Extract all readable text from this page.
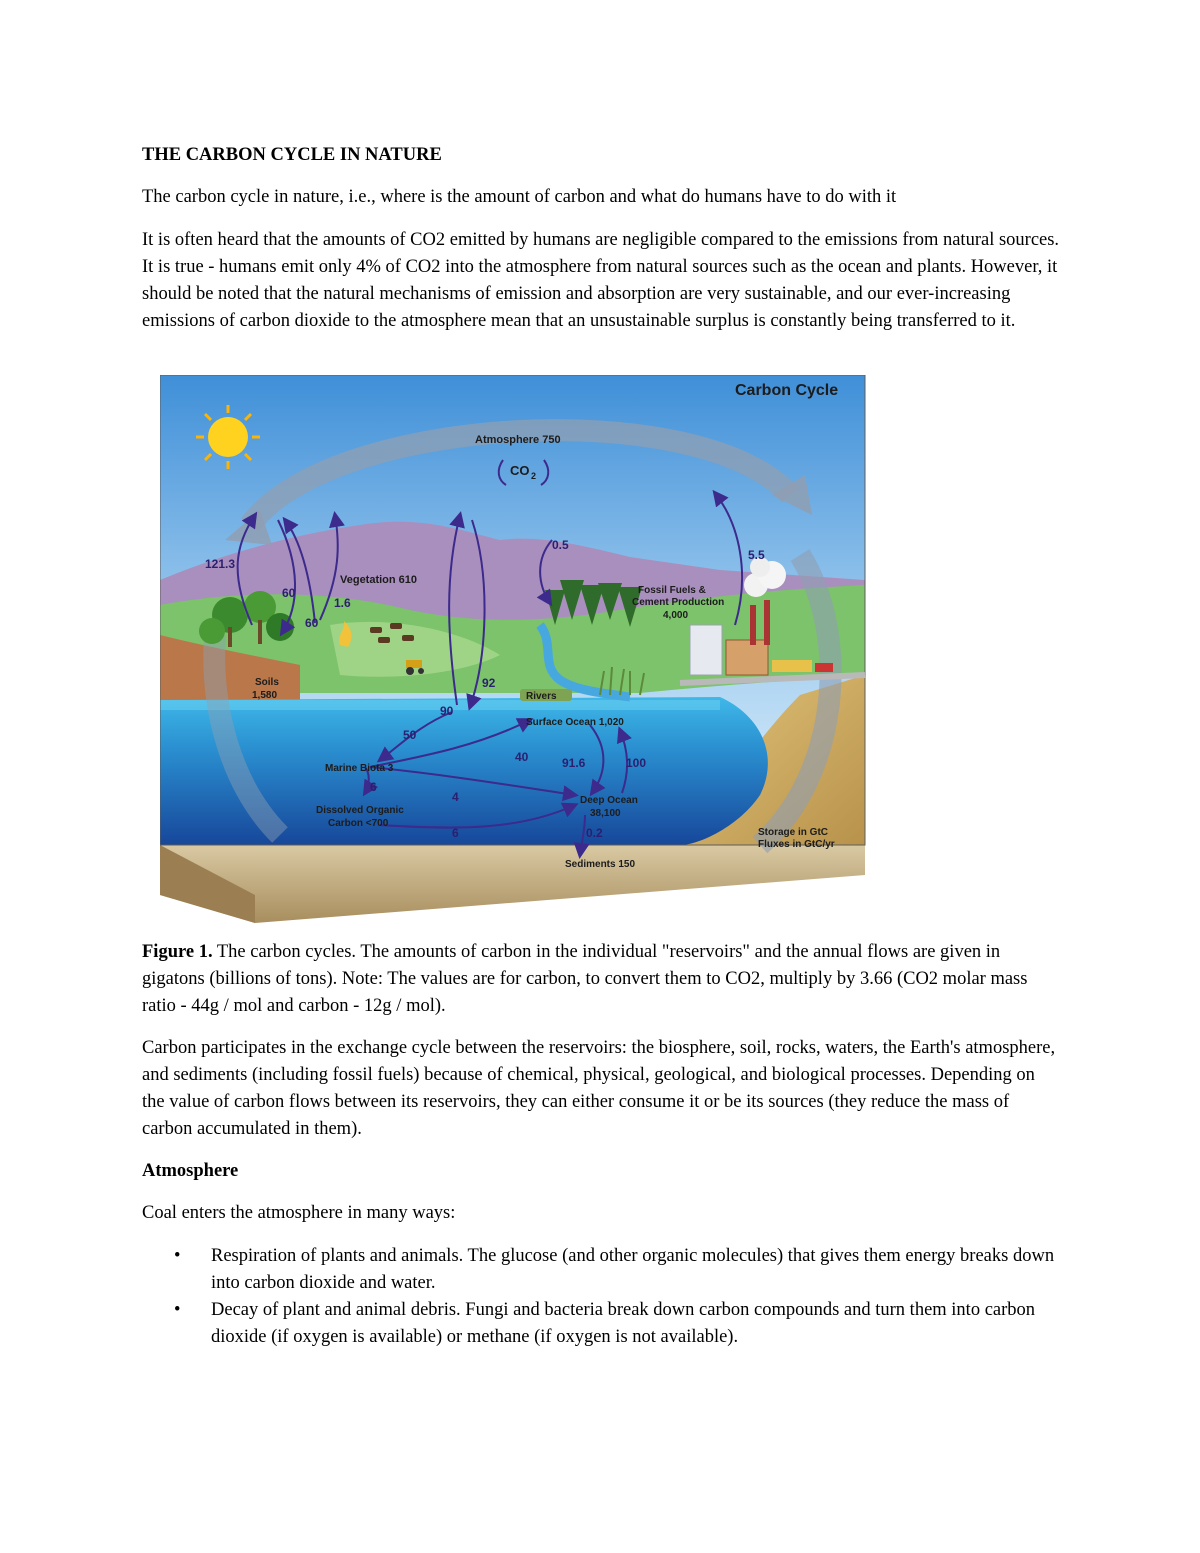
THE CARBON CYCLE IN NATURE

The carbon cycle in nature, i.e., where is the amount of carbon and what do humans have to do with it

It is often heard that the amounts of CO2 emitted by humans are negligible compared to the emissions from natural sources. It is true - humans emit only 4% of CO2 into the atmosphere from natural sources such as the ocean and plants. However, it should be noted that the natural mechanisms of emission and absorption are very sustainable, and our ever-increasing emissions of carbon dioxide to the atmosphere mean that an unsustainable surplus is constantly being transferred to it.

Carbon Cycle
Atmosphere 750
CO 2
Vegetation 610
Soils
1,580
Fossil Fuels &
Cement Production
4,000
Rivers
Surface Ocean 1,020
Marine Biota 3
Dissolved Organic
Carbon <700
Deep Ocean
38,100
Sediments 150
Storage in GtC
Fluxes in GtC/yr
121.3
60
60
1.6
0.5
5.5
92
90
50
40	91.6	100
6
4
6	0.2

Figure 1. The carbon cycles. The amounts of carbon in the individual "reservoirs" and the annual flows are given in gigatons (billions of tons). Note: The values are for carbon, to convert them to CO2, multiply by 3.66 (CO2 molar mass ratio - 44g / mol and carbon - 12g / mol).

Carbon participates in the exchange cycle between the reservoirs: the biosphere, soil, rocks, waters, the Earth's atmosphere, and sediments (including fossil fuels) because of chemical, physical, geological, and biological processes. Depending on the value of carbon flows between its reservoirs, they can either consume it or be its sources (they reduce the mass of carbon accumulated in them).

Atmosphere

Coal enters the atmosphere in many ways:

• Respiration of plants and animals. The glucose (and other organic molecules) that gives them energy breaks down into carbon dioxide and water.
• Decay of plant and animal debris. Fungi and bacteria break down carbon compounds and turn them into carbon dioxide (if oxygen is available) or methane (if oxygen is not available).
